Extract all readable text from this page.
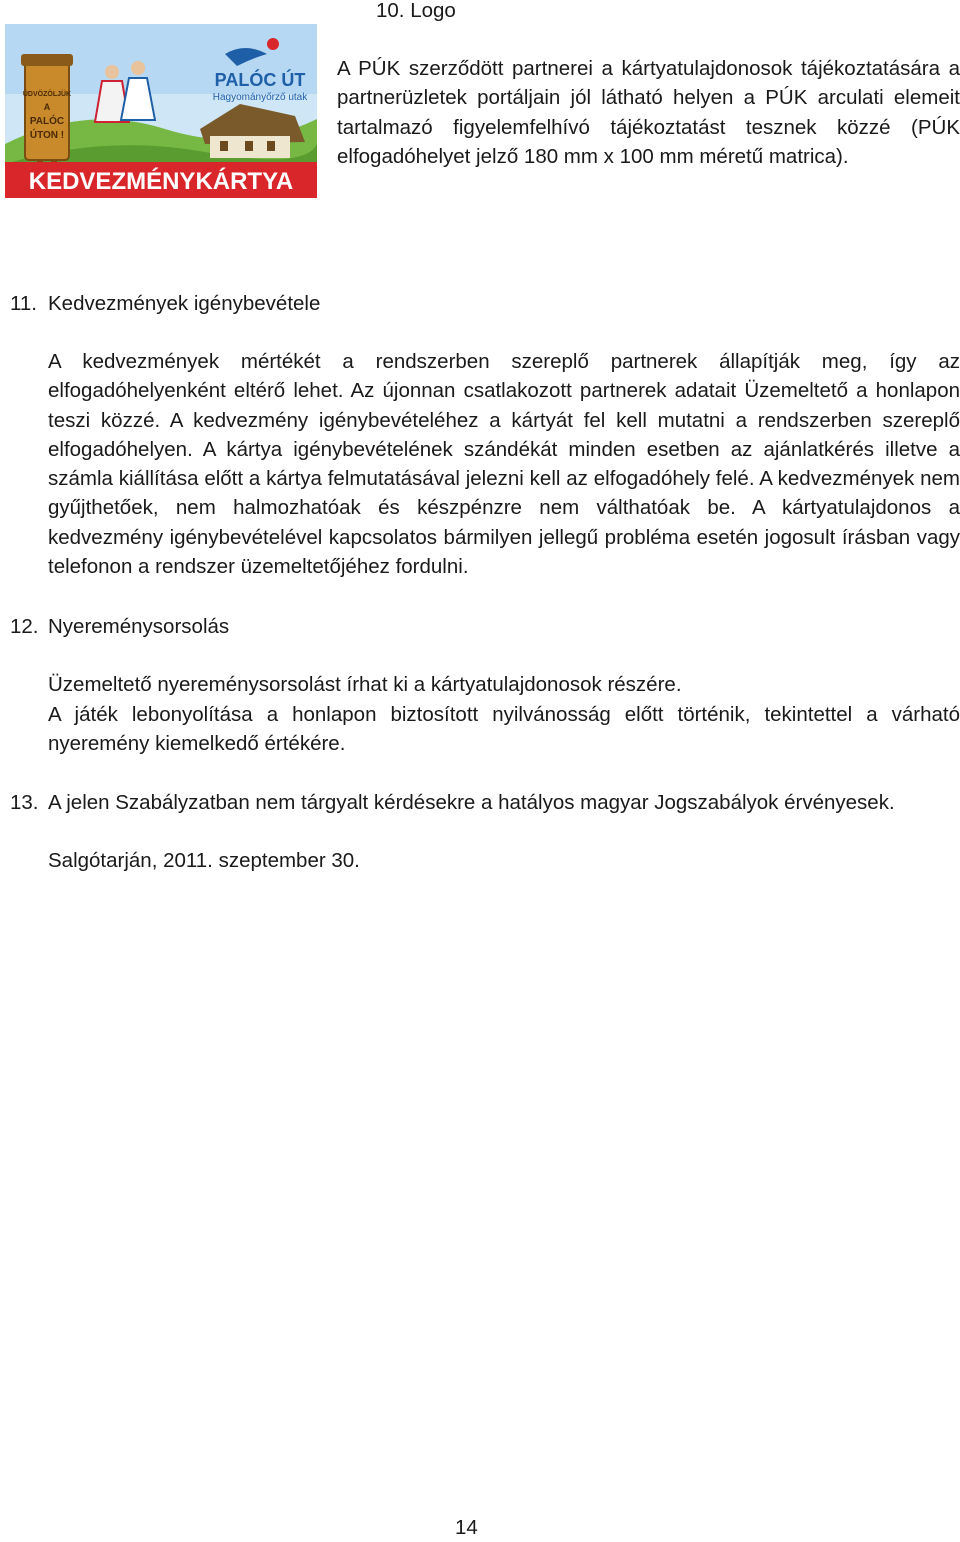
10. Logo
KEDVEZMÉNYKÁRTYA
PALÓC ÚT
Hagyományőrző utak
ÜDVÖZÖLJÜK
A
PALÓC
ÚTON !
A PÚK szerződött partnerei a kártyatulajdonosok tájékoztatására a partnerüzletek portáljain jól látható helyen a PÚK arculati elemeit tartalmazó figyelemfelhívó tájékoztatást tesznek közzé (PÚK elfogadóhelyet jelző 180 mm x 100 mm méretű matrica).
11. Kedvezmények igénybevétele
A kedvezmények mértékét a rendszerben szereplő partnerek állapítják meg, így az elfogadóhelyenként eltérő lehet. Az újonnan csatlakozott partnerek adatait Üzemeltető a honlapon teszi közzé. A kedvezmény igénybevételéhez a kártyát fel kell mutatni a rendszerben szereplő elfogadóhelyen. A kártya igénybevételének szándékát minden esetben az ajánlatkérés illetve a számla kiállítása előtt a kártya felmutatásával jelezni kell az elfogadóhely felé. A kedvezmények nem gyűjthetőek, nem halmozhatóak és készpénzre nem válthatóak be. A kártyatulajdonos a kedvezmény igénybevételével kapcsolatos bármilyen jellegű probléma esetén jogosult írásban vagy telefonon a rendszer üzemeltetőjéhez fordulni.
12. Nyereménysorsolás
Üzemeltető nyereménysorsolást írhat ki a kártyatulajdonosok részére.
A játék lebonyolítása a honlapon biztosított nyilvánosság előtt történik, tekintettel a várható nyeremény kiemelkedő értékére.
13. A jelen Szabályzatban nem tárgyalt kérdésekre a hatályos magyar Jogszabályok érvényesek.
Salgótarján, 2011. szeptember 30.
14
